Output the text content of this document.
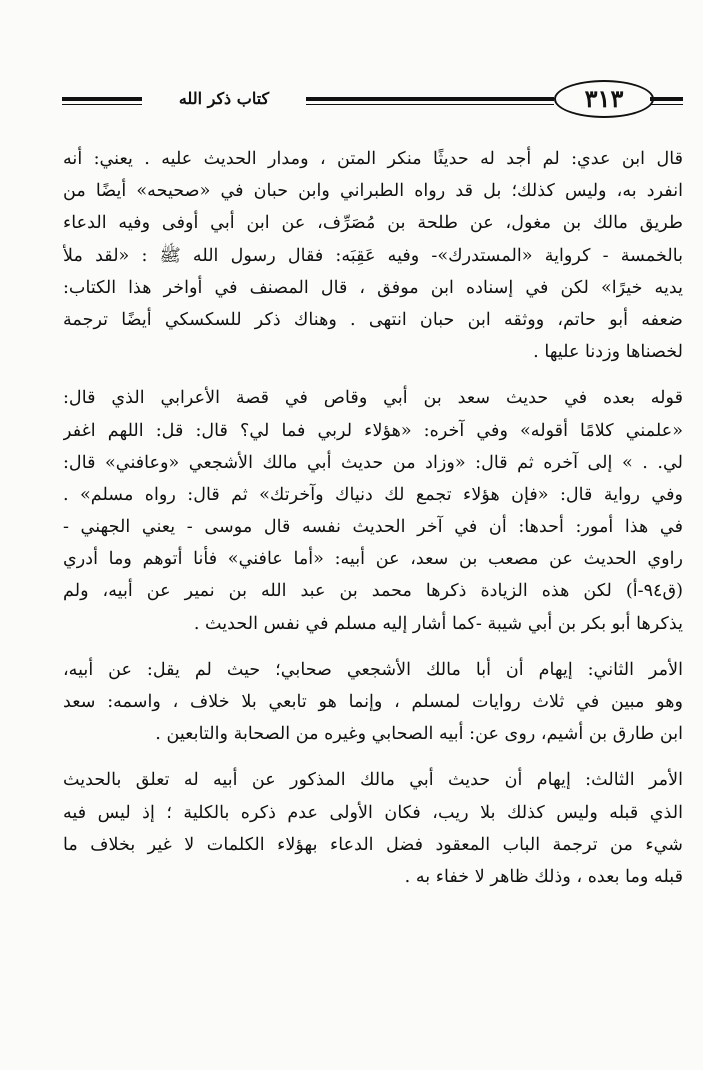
كتاب ذكر الله	٣١٣
قال ابن عدي: لم أجد له حديثًا منكر المتن ، ومدار الحديث عليه . يعني: أنه
انفرد به، وليس كذلك؛ بل قد رواه الطبراني وابن حبان في «صحيحه» أيضًا من
طريق مالك بن مغول، عن طلحة بن مُصَرِّف، عن ابن أبي أوفى وفيه الدعاء
بالخمسة - كرواية «المستدرك»- وفيه عَقِبَه: فقال رسول الله ﷺ : «لقد ملأ
يديه خيرًا» لكن في إسناده ابن موفق ، قال المصنف في أواخر هذا الكتاب:
ضعفه أبو حاتم، ووثقه ابن حبان انتهى . وهناك ذكر للسكسكي أيضًا ترجمة
لخصناها وزدنا عليها .
قوله بعده في حديث سعد بن أبي وقاص في قصة الأعرابي الذي قال:
«علمني كلامًا أقوله» وفي آخره: «هؤلاء لربي فما لي؟ قال: قل: اللهم اغفر
لي. . » إلى آخره ثم قال: «وزاد من حديث أبي مالك الأشجعي «وعافني» قال:
وفي رواية قال: «فإن هؤلاء تجمع لك دنياك وآخرتك» ثم قال: رواه مسلم» .
في هذا أمور: أحدها: أن في آخر الحديث نفسه قال موسى - يعني الجهني -
راوي الحديث عن مصعب بن سعد، عن أبيه: «أما عافني» فأنا أتوهم وما أدري
(ق٩٤-أ) لكن هذه الزيادة ذكرها محمد بن عبد الله بن نمير عن أبيه، ولم
يذكرها أبو بكر بن أبي شيبة -كما أشار إليه مسلم في نفس الحديث .
الأمر الثاني: إيهام أن أبا مالك الأشجعي صحابي؛ حيث لم يقل: عن أبيه،
وهو مبين في ثلاث روايات لمسلم ، وإنما هو تابعي بلا خلاف ، واسمه: سعد
ابن طارق بن أشيم، روى عن: أبيه الصحابي وغيره من الصحابة والتابعين .
الأمر الثالث: إيهام أن حديث أبي مالك المذكور عن أبيه له تعلق بالحديث
الذي قبله وليس كذلك بلا ريب، فكان الأولى عدم ذكره بالكلية ؛ إذ ليس فيه
شيء من ترجمة الباب المعقود فضل الدعاء بهؤلاء الكلمات لا غير بخلاف ما
قبله وما بعده ، وذلك ظاهر لا خفاء به .
